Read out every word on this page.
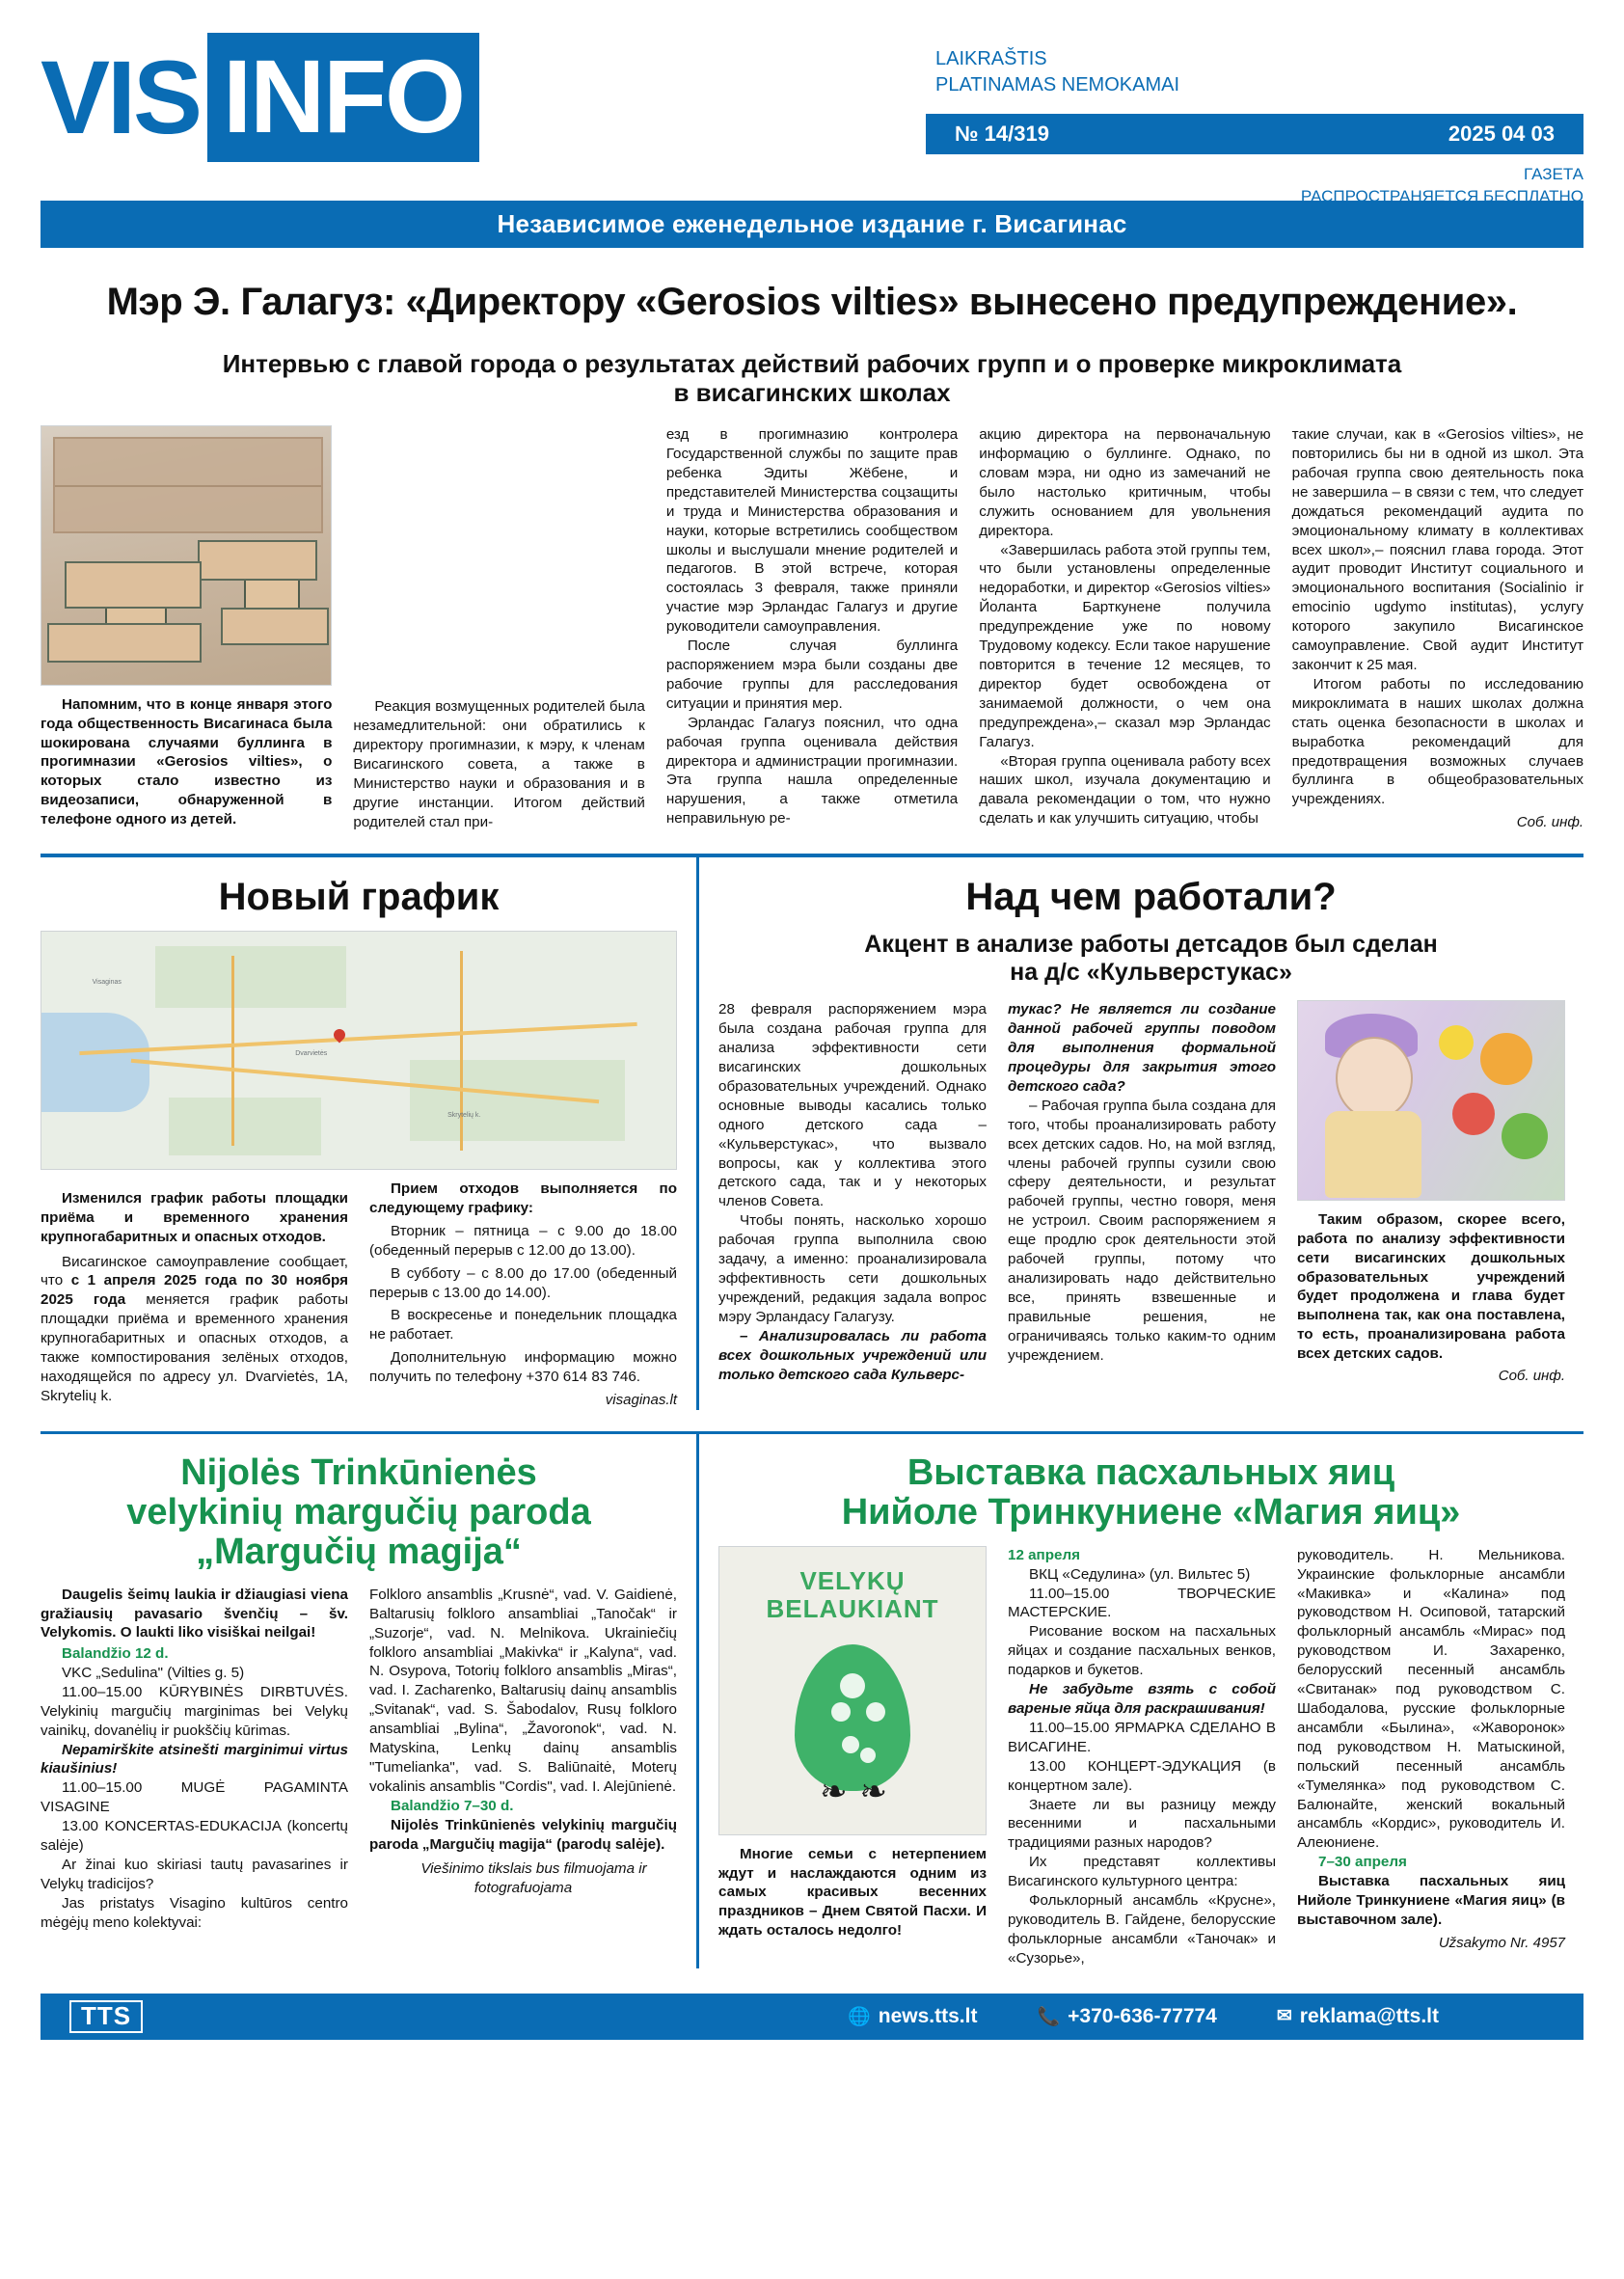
VIS INFO	LAIKRAŠTIS
PLATINAMAS NEMOKAMAI
№ 14/319	2025 04 03
ГАЗЕТА
РАСПРОСТРАНЯЕТСЯ БЕСПЛАТНО
Независимое еженедельное издание г. Висагинас
Мэр Э. Галагуз: «Директору «Gerosios vilties» вынесено предупреждение».
Интервью с главой города о результатах действий рабочих групп и о проверке микроклимата
в висагинских школах
Напомним, что в конце января этого года общественность Висагинаса была шокирована случаями буллинга в прогимназии «Gerosios vilties», о которых стало известно из видеозаписи, обнаруженной в телефоне одного из детей.

Реакция возмущенных родителей была незамедлительной: они обратились к директору прогимназии, к мэру, к членам Висагинского совета, а также в Министерство науки и образования и в другие инстанции. Итогом действий родителей стал при-

езд в прогимназию контролера Государственной службы по защите прав ребенка Эдиты Жёбене, и представителей Министерства соцзащиты и труда и Министерства образования и науки, которые встретились сообществом школы и выслушали мнение родителей и педагогов. В этой встрече, которая состоялась 3 февраля, также приняли участие мэр Эрландас Галагуз и другие руководители самоуправления.

После случая буллинга распоряжением мэра были созданы две рабочие группы для расследования ситуации и принятия мер.

Эрландас Галагуз пояснил, что одна рабочая группа оценивала действия директора и администрации прогимназии. Эта группа нашла определенные нарушения, а также отметила неправильную ре-

акцию директора на первоначальную информацию о буллинге. Однако, по словам мэра, ни одно из замечаний не было настолько критичным, чтобы служить основанием для увольнения директора.

«Завершилась работа этой группы тем, что были установлены определенные недоработки, и директор «Gerosios vilties» Йоланта Барткунене получила предупреждение уже по новому Трудовому кодексу. Если такое нарушение повторится в течение 12 месяцев, то директор будет освобождена от занимаемой должности, о чем она предупреждена»,– сказал мэр Эрландас Галагуз.

«Вторая группа оценивала работу всех наших школ, изучала документацию и давала рекомендации о том, что нужно сделать и как улучшить ситуацию, чтобы

такие случаи, как в «Gerosios vilties», не повторились бы ни в одной из школ. Эта рабочая группа свою деятельность пока не завершила – в связи с тем, что следует дождаться рекомендаций аудита по эмоциональному климату в коллективах всех школ»,– пояснил глава города. Этот аудит проводит Институт социального и эмоционального воспитания (Socialinio ir emocinio ugdymo institutas), услугу которого закупило Висагинское самоуправление. Свой аудит Институт закончит к 25 мая.

Итогом работы по исследованию микроклимата в наших школах должна стать оценка безопасности в школах и выработка рекомендаций для предотвращения возможных случаев буллинга в общеобразовательных учреждениях.

Соб. инф.
Новый график
Visaginas
Skrytelių k.
Dvarvietės
Изменился график работы площадки приёма и временного хранения крупногабаритных и опасных отходов.

Висагинское самоуправление сообщает, что с 1 апреля 2025 года по 30 ноября 2025 года меняется график работы площадки приёма и временного хранения крупногабаритных и опасных отходов, а также компостирования зелёных отходов, находящейся по адресу ул. Dvarvietės, 1A, Skrytelių k.

Прием отходов выполняется по следующему графику:

Вторник – пятница – с 9.00 до 18.00 (обеденный перерыв с 12.00 до 13.00).

В субботу – с 8.00 до 17.00 (обеденный перерыв с 13.00 до 14.00).

В воскресенье и понедельник площадка не работает.

Дополнительную информацию можно получить по телефону +370 614 83 746.

visaginas.lt
Над чем работали?
Акцент в анализе работы детсадов был сделан
на д/с «Кульверстукас»

28 февраля распоряжением мэра была создана рабочая группа для анализа эффективности сети висагинских дошкольных образовательных учреждений. Однако основные выводы касались только одного детского сада – «Кульверстукас», что вызвало вопросы, как у коллектива этого детского сада, так и у некоторых членов Совета.

Чтобы понять, насколько хорошо рабочая группа выполнила свою задачу, а именно: проанализировала эффективность сети дошкольных учреждений, редакция задала вопрос мэру Эрландасу Галагузу.

– Анализировалась ли работа всех дошкольных учреждений или только детского сада Кульверс-

тукас? Не является ли создание данной рабочей группы поводом для выполнения формальной процедуры для закрытия этого детского сада?

– Рабочая группа была создана для того, чтобы проанализировать работу всех детских садов. Но, на мой взгляд, члены рабочей группы сузили свою сферу деятельности, и результат рабочей группы, честно говоря, меня не устроил. Своим распоряжением я еще продлю срок деятельности этой рабочей группы, потому что анализировать надо действительно все, принять взвешенные и правильные решения, не ограничиваясь только каким-то одним учреждением.

Таким образом, скорее всего, работа по анализу эффективности сети висагинских дошкольных образовательных учреждений будет продолжена и глава будет выполнена так, как она поставлена, то есть, проанализирована работа всех детских садов.
Соб. инф.
Nijolės Trinkūnienės
velykinių margučių paroda
„Margučių magija“
Daugelis šeimų laukia ir džiaugiasi viena gražiausių pavasario švenčių – šv. Velykomis. O laukti liko visiškai neilgai!

Balandžio 12 d.

VKC „Sedulina" (Vilties g. 5)

11.00–15.00 KŪRYBINĖS DIRBTUVĖS. Velykinių margučių marginimas bei Velykų vainikų, dovanėlių ir puokščių kūrimas.

Nepamirškite atsinešti marginimui virtus kiaušinius!

11.00–15.00 MUGĖ PAGAMINTA VISAGINE

13.00 KONCERTAS-EDUKACIJA (koncertų salėje)

Ar žinai kuo skiriasi tautų pavasarines ir Velykų tradicijos?

Jas pristatys Visagino kultūros centro mėgėjų meno kolektyvai:

Folkloro ansamblis „Krusnė“, vad. V. Gaidienė, Baltarusių folkloro ansambliai „Tanočak“ ir „Suzorje“, vad. N. Melnikova. Ukrainiečių folkloro ansambliai „Makivka“ ir „Kalyna“, vad. N. Osypova, Totorių folkloro ansamblis „Miras“, vad. I. Zacharenko, Baltarusių dainų ansamblis „Svitanak“, vad. S. Šabodalov, Rusų folkloro ansambliai „Bylina“, „Žavoronok“, vad. N. Matyskina, Lenkų dainų ansamblis "Tumelianka", vad. S. Baliūnaitė, Moterų vokalinis ansamblis "Cordis", vad. I. Alejūnienė.

Balandžio 7–30 d.

Nijolės Trinkūnienės velykinių margučių paroda „Margučių magija“ (parodų salėje).

Viešinimo tikslais bus filmuojama ir fotografuojama

Выставка пасхальных яиц
Нийоле Тринкуниене «Магия яиц»
VELYKŲ
BELAUKIANT
❧  ❧
Многие семьи с нетерпением ждут и наслаждаются одним из самых красивых весенних праздников – Днем Святой Пасхи. И ждать осталось недолго!

12 апреля

ВКЦ «Седулина» (ул. Вильтес 5)

11.00–15.00 ТВОРЧЕСКИЕ МАСТЕРСКИЕ.

Рисование воском на пасхальных яйцах и создание пасхальных венков, подарков и букетов.

Не забудьте взять с собой вареные яйца для раскрашивания!

11.00–15.00 ЯРМАРКА СДЕЛАНО В ВИСАГИНЕ.

13.00 КОНЦЕРТ-ЭДУКАЦИЯ (в концертном зале).

Знаете ли вы разницу между весенними и пасхальными традициями разных народов?

Их представят коллективы Висагинского культурного центра:

Фольклорный ансамбль «Крусне», руководитель В. Гайдене, белорусские фольклорные ансамбли «Таночак» и «Сузорье»,

руководитель. Н. Мельникова. Украинские фольклорные ансамбли «Макивка» и «Калина» под руководством Н. Осиповой, татарский фольклорный ансамбль «Мирас» под руководством И. Захаренко, белорусский песенный ансамбль «Свитанак» под руководством С. Шабодалова, русские фольклорные ансамбли «Былина», «Жаворонок» под руководством Н. Матыскиной, польский песенный ансамбль «Тумелянка» под руководством С. Балюнайте, женский вокальный ансамбль «Кордис», руководитель И. Алеюниене.

7–30 апреля

Выставка пасхальных яиц Нийоле Тринкуниене «Магия яиц» (в выставочном зале).

Užsakymo Nr. 4957
TTS	🌐 news.tts.lt	📞 +370-636-77774	✉ reklama@tts.lt
